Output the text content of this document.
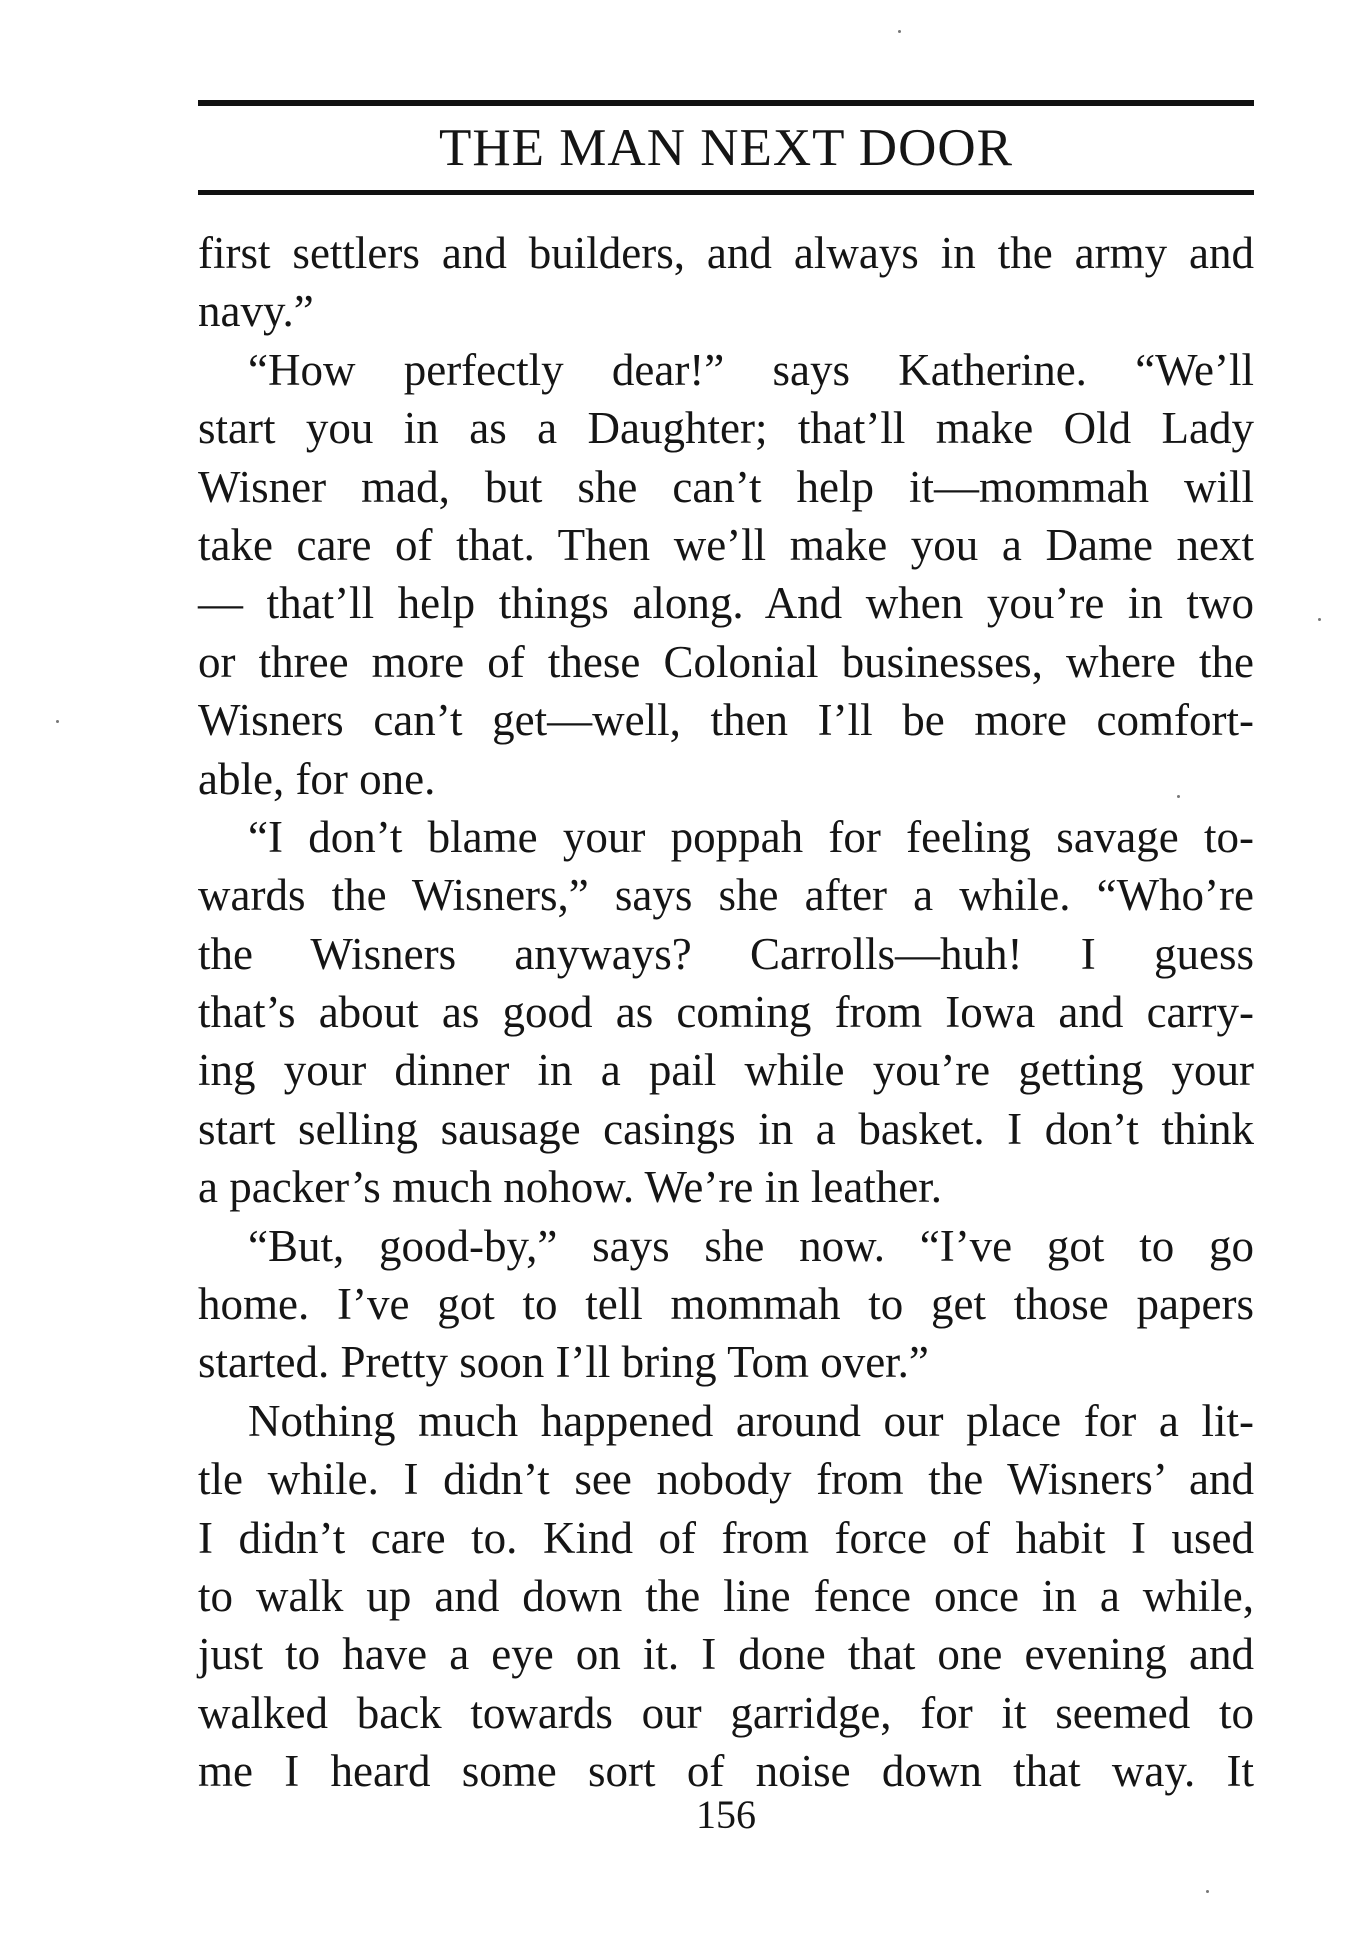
THE MAN NEXT DOOR
first settlers and builders, and always in the army and
navy.”
“How perfectly dear!” says Katherine. “We’ll
start you in as a Daughter; that’ll make Old Lady
Wisner mad, but she can’t help it—mommah will
take care of that. Then we’ll make you a Dame next
— that’ll help things along. And when you’re in two
or three more of these Colonial businesses, where the
Wisners can’t get—well, then I’ll be more comfort-
able, for one.
“I don’t blame your poppah for feeling savage to-
wards the Wisners,” says she after a while. “Who’re
the Wisners anyways? Carrolls—huh! I guess
that’s about as good as coming from Iowa and carry-
ing your dinner in a pail while you’re getting your
start selling sausage casings in a basket. I don’t think
a packer’s much nohow. We’re in leather.
“But, good-by,” says she now. “I’ve got to go
home. I’ve got to tell mommah to get those papers
started. Pretty soon I’ll bring Tom over.”
Nothing much happened around our place for a lit-
tle while. I didn’t see nobody from the Wisners’ and
I didn’t care to. Kind of from force of habit I used
to walk up and down the line fence once in a while,
just to have a eye on it. I done that one evening and
walked back towards our garridge, for it seemed to
me I heard some sort of noise down that way. It
156
